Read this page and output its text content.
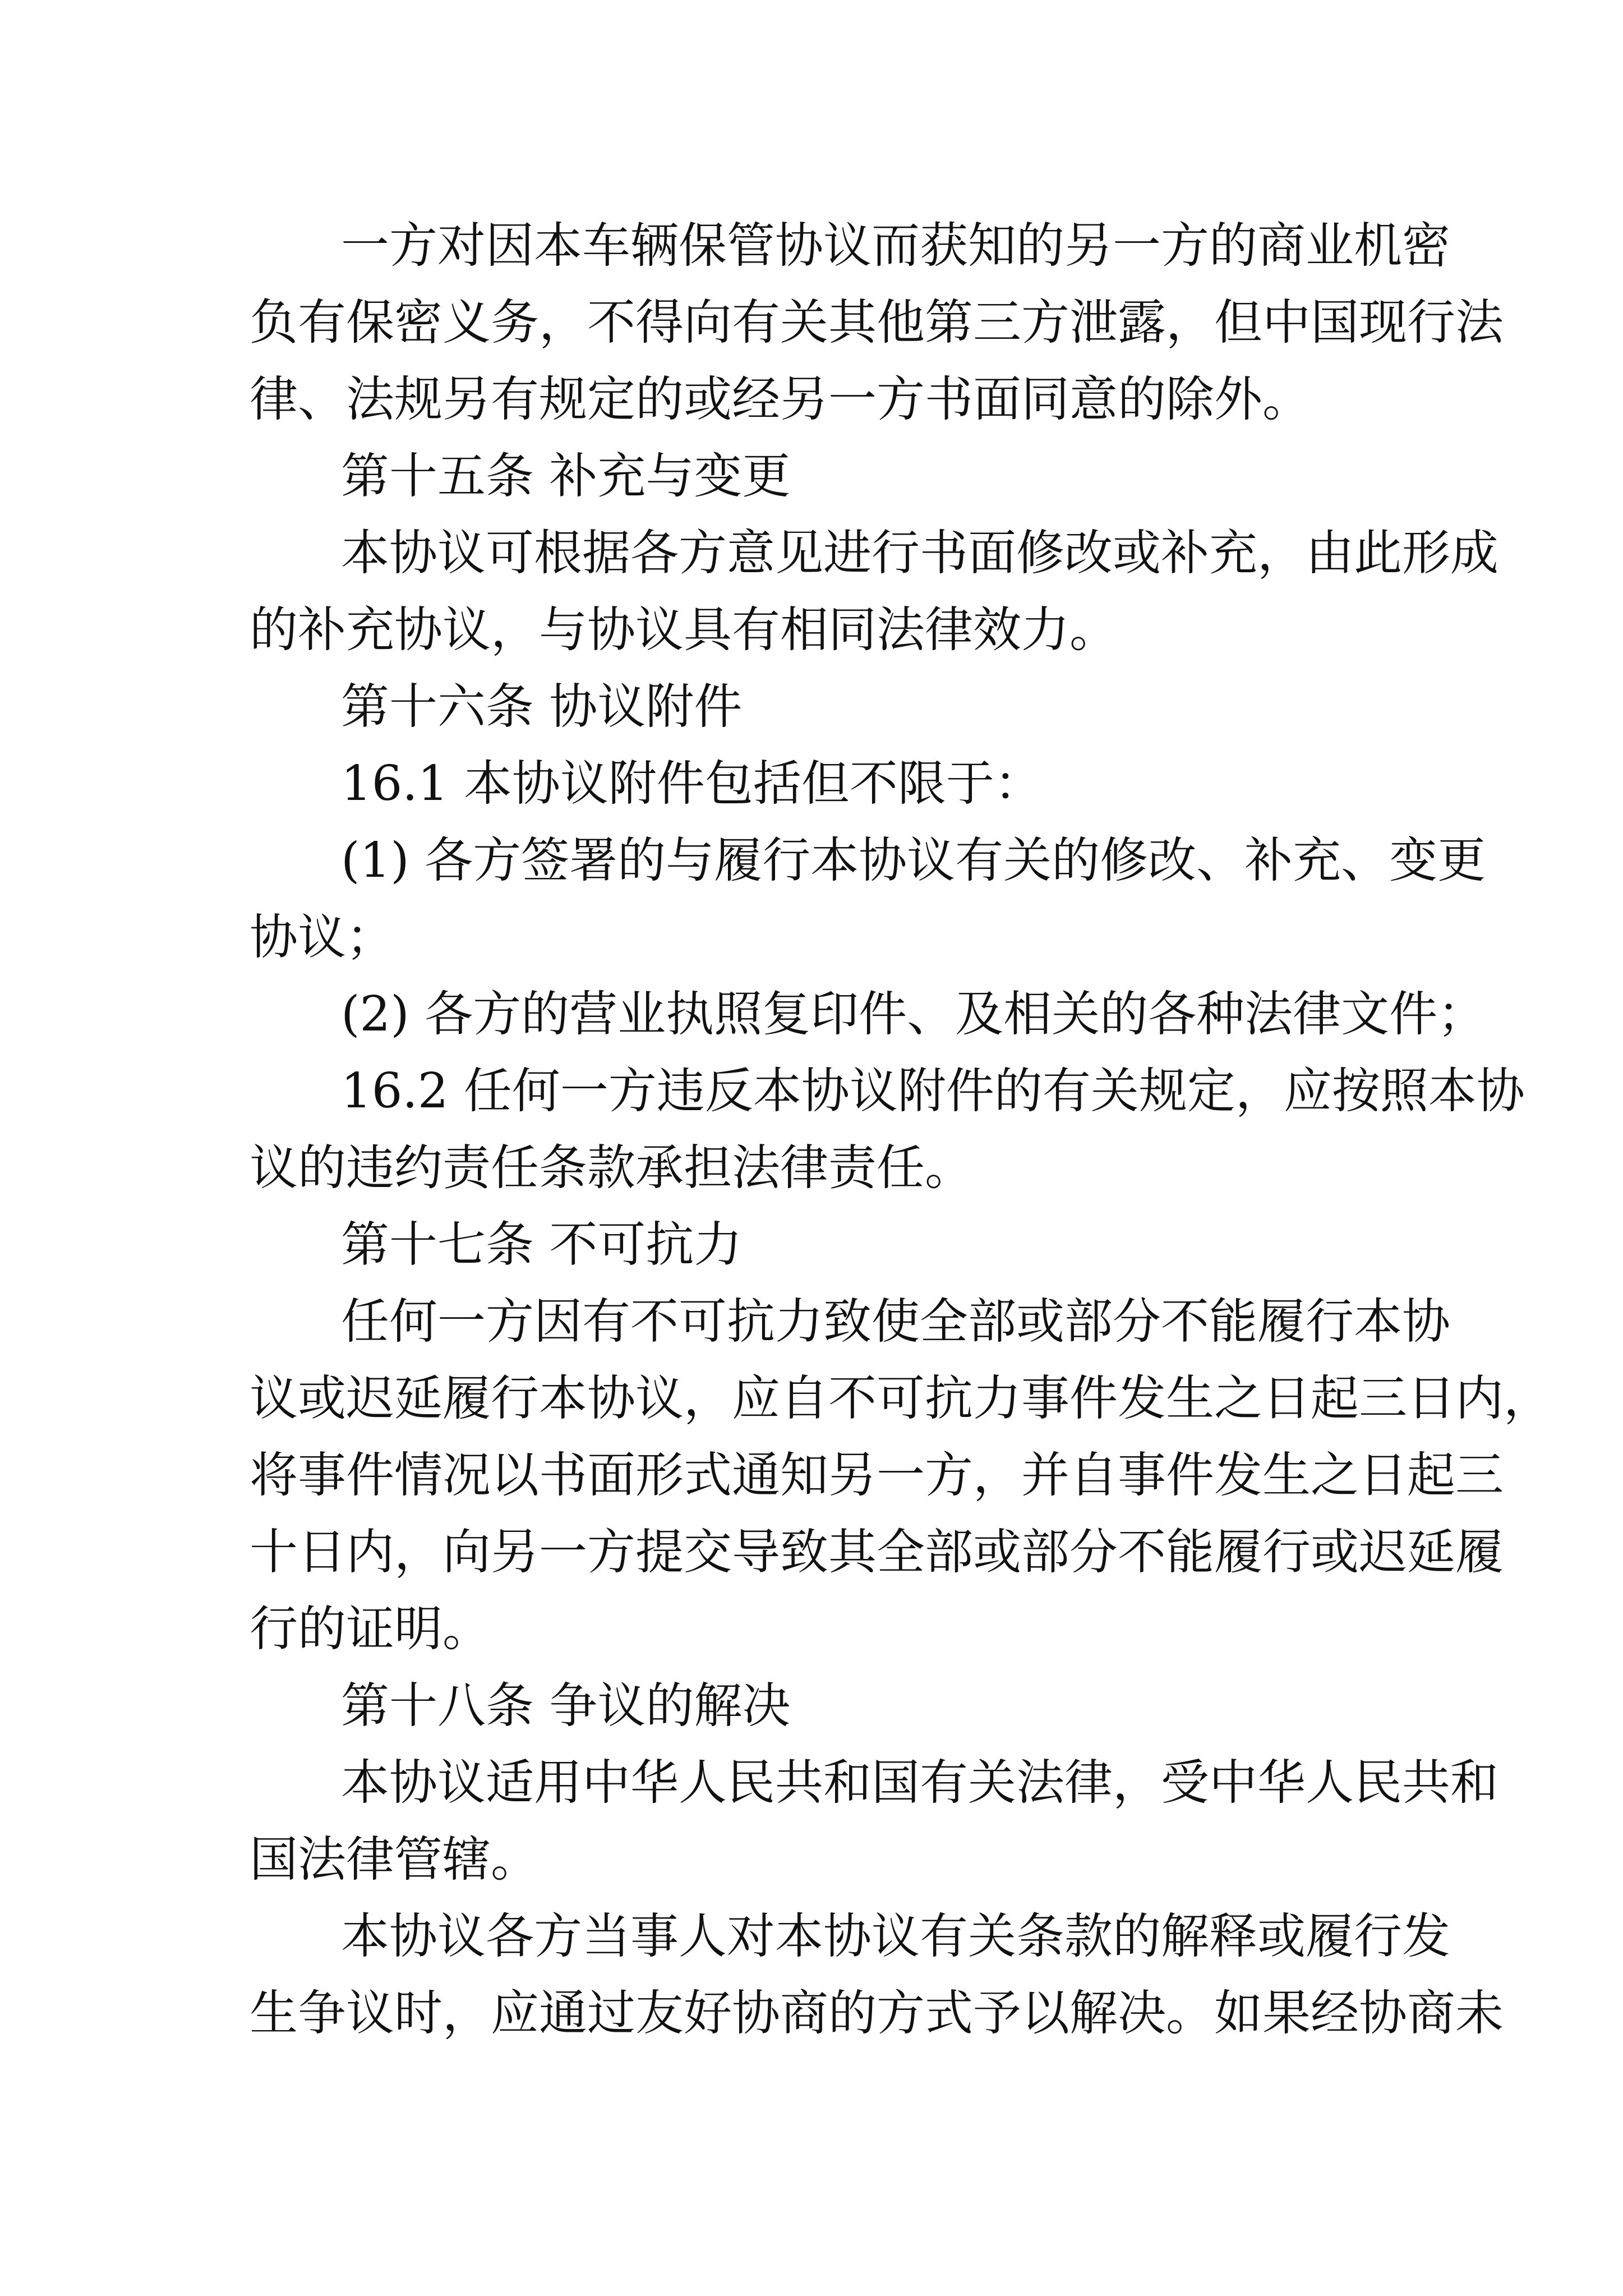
一方对因本车辆保管协议而获知的另一方的商业机密
负有保密义务，不得向有关其他第三方泄露，但中国现行法
律、法规另有规定的或经另一方书面同意的除外。
第十五条 补充与变更
本协议可根据各方意见进行书面修改或补充，由此形成
的补充协议，与协议具有相同法律效力。
第十六条 协议附件
16.1 本协议附件包括但不限于：
(1) 各方签署的与履行本协议有关的修改、补充、变更
协议；
(2) 各方的营业执照复印件、及相关的各种法律文件；
16.2 任何一方违反本协议附件的有关规定，应按照本协
议的违约责任条款承担法律责任。
第十七条 不可抗力
任何一方因有不可抗力致使全部或部分不能履行本协
议或迟延履行本协议，应自不可抗力事件发生之日起三日内，
将事件情况以书面形式通知另一方，并自事件发生之日起三
十日内，向另一方提交导致其全部或部分不能履行或迟延履
行的证明。
第十八条 争议的解决
本协议适用中华人民共和国有关法律，受中华人民共和
国法律管辖。
本协议各方当事人对本协议有关条款的解释或履行发
生争议时，应通过友好协商的方式予以解决。如果经协商未
